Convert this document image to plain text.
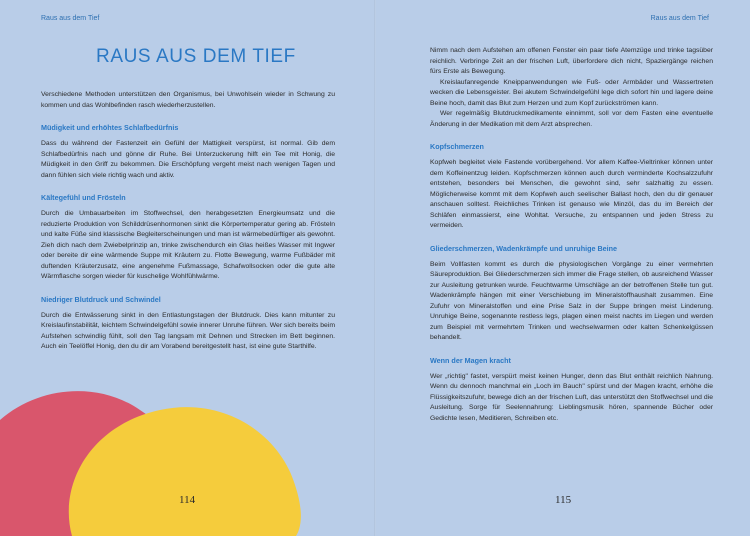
Raus aus dem Tief
RAUS AUS DEM TIEF

Verschiedene Methoden unterstützen den Organismus, bei Unwohlsein wieder in Schwung zu kommen und das Wohlbefinden rasch wiederherzustellen.

Müdigkeit und erhöhtes Schlafbedürfnis

Dass du während der Fastenzeit ein Gefühl der Mattigkeit verspürst, ist normal. Gib dem Schlafbedürfnis nach und gönne dir Ruhe. Bei Unterzuckerung hilft ein Tee mit Honig, die Müdigkeit in den Griff zu bekommen. Die Erschöpfung vergeht meist nach wenigen Tagen und dann fühlen sich viele richtig wach und aktiv.

Kältegefühl und Frösteln

Durch die Umbauarbeiten im Stoffwechsel, den herabgesetzten Energieumsatz und die reduzierte Produktion von Schilddrüsenhormonen sinkt die Körpertemperatur gering ab. Frösteln und kalte Füße sind klassische Begleiterscheinungen und man ist wärmebedürftiger als gewohnt. Zieh dich nach dem Zwiebelprinzip an, trinke zwischendurch ein Glas heißes Wasser mit Ingwer oder bereite dir eine wärmende Suppe mit Kräutern zu. Flotte Bewegung, warme Fußbäder mit duftenden Kräuterzusatz, eine angenehme Fußmassage, Schafwollsocken oder die gute alte Wärmflasche sorgen wieder für kuschelige Wohlfühlwärme.

Niedriger Blutdruck und Schwindel

Durch die Entwässerung sinkt in den Entlastungstagen der Blutdruck. Dies kann mitunter zu Kreislaufinstabilität, leichtem Schwindelgefühl sowie innerer Unruhe führen. Wer sich bereits beim Aufstehen schwindlig fühlt, soll den Tag langsam mit Dehnen und Strecken im Bett beginnen. Auch ein Teelöffel Honig, den du dir am Vorabend bereitgestellt hast, ist eine gute Starthilfe.

114
Raus aus dem Tief

Nimm nach dem Aufstehen am offenen Fenster ein paar tiefe Atemzüge und trinke tagsüber reichlich. Verbringe Zeit an der frischen Luft, überfordere dich nicht, Spaziergänge reichen fürs Erste als Bewegung.

Kreislaufanregende Kneippanwendungen wie Fuß- oder Armbäder und Wassertreten wecken die Lebensgeister. Bei akutem Schwindelgefühl lege dich sofort hin und lagere deine Beine hoch, damit das Blut zum Herzen und zum Kopf zurückströmen kann.

Wer regelmäßig Blutdruckmedikamente einnimmt, soll vor dem Fasten eine eventuelle Änderung in der Medikation mit dem Arzt absprechen.

Kopfschmerzen

Kopfweh begleitet viele Fastende vorübergehend. Vor allem Kaffee-Vieltrinker können unter dem Koffeinentzug leiden. Kopfschmerzen können auch durch verminderte Kochsalzzufuhr entstehen, besonders bei Menschen, die gewohnt sind, sehr salzhaltig zu essen. Möglicherweise kommt mit dem Kopfweh auch seelischer Ballast hoch, den du dir genauer anschauen solltest. Reichliches Trinken ist genauso wie Minzöl, das du im Bereich der Schläfen einmassierst, eine Wohltat. Versuche, zu entspannen und jeden Stress zu vermeiden.

Gliederschmerzen, Wadenkrämpfe und unruhige Beine

Beim Vollfasten kommt es durch die physiologischen Vorgänge zu einer vermehrten Säureproduktion. Bei Gliederschmerzen sich immer die Frage stellen, ob ausreichend Wasser zur Ausleitung getrunken wurde. Feuchtwarme Umschläge an der betroffenen Stelle tun gut. Wadenkrämpfe hängen mit einer Verschiebung im Mineralstoffhaushalt zusammen. Eine Zufuhr von Mineralstoffen und eine Prise Salz in der Suppe bringen meist Linderung. Unruhige Beine, sogenannte restless legs, plagen einen meist nachts im Liegen und werden zum Beispiel mit vermehrtem Trinken und wechselwarmen oder kalten Schenkelgüssen behandelt.

Wenn der Magen kracht

Wer „richtig" fastet, verspürt meist keinen Hunger, denn das Blut enthält reichlich Nahrung. Wenn du dennoch manchmal ein „Loch im Bauch" spürst und der Magen kracht, erhöhe die Flüssigkeitszufuhr, bewege dich an der frischen Luft, das unterstützt den Stoffwechsel und die Ausleitung. Sorge für Seelennahrung: Lieblingsmusik hören, spannende Bücher oder Gedichte lesen, Meditieren, Schreiben etc.

115
